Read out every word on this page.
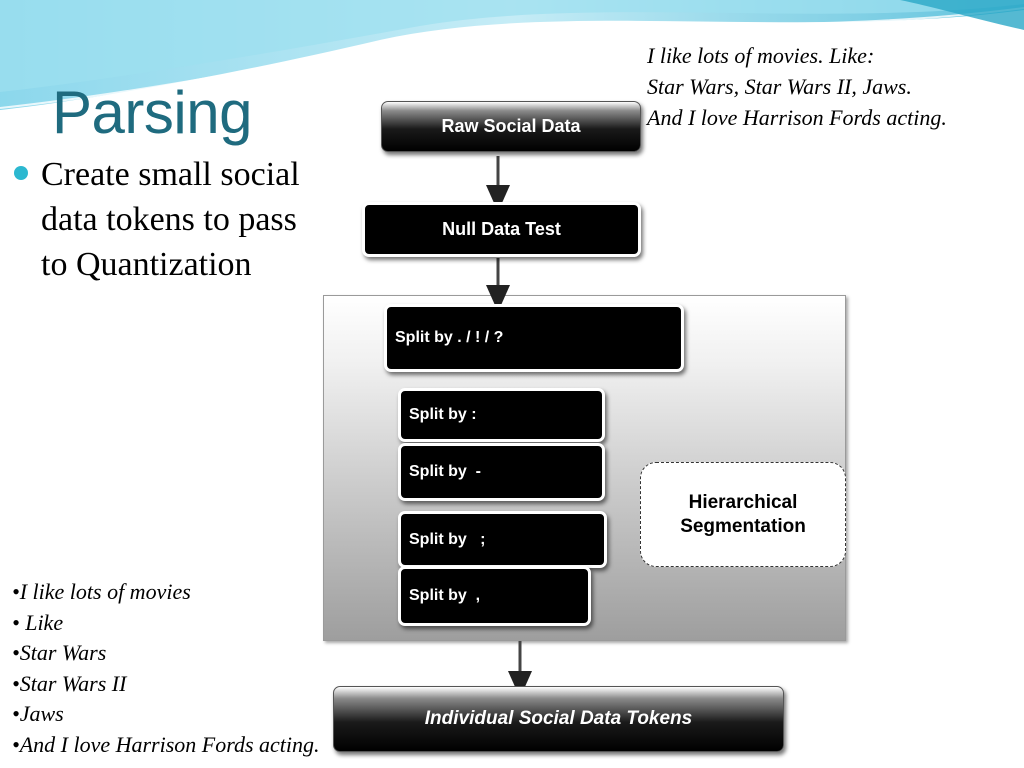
Parsing
Create small social data tokens to pass to Quantization
I like lots of movies. Like:
Star Wars, Star Wars II, Jaws.
And I love Harrison Fords acting.
Raw Social Data
Null Data Test
Split by . / ! / ?
Split by :
Split by  -
Split by   ;
Split by  ,
Hierarchical Segmentation
Individual Social Data Tokens
•I like lots of movies
• Like
•Star Wars
•Star Wars II
•Jaws
•And I love Harrison Fords acting.
